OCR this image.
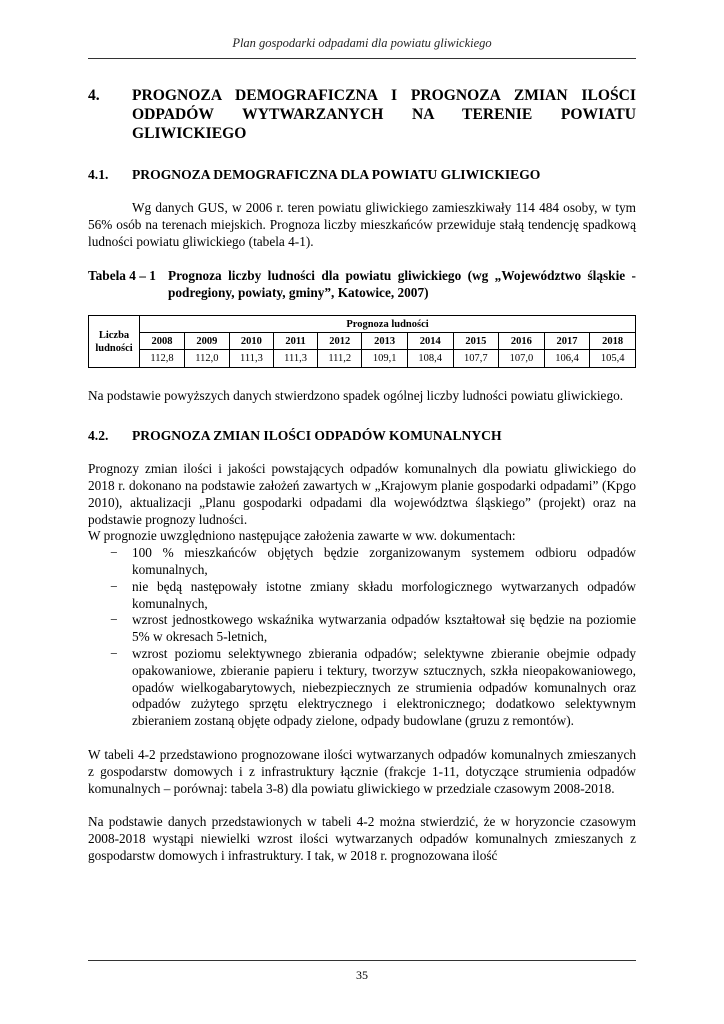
Plan gospodarki odpadami dla powiatu gliwickiego
4.	PROGNOZA DEMOGRAFICZNA I PROGNOZA ZMIAN ILOŚCI ODPADÓW WYTWARZANYCH NA TERENIE POWIATU GLIWICKIEGO
4.1.	PROGNOZA DEMOGRAFICZNA DLA POWIATU GLIWICKIEGO

Wg danych GUS, w 2006 r. teren powiatu gliwickiego zamieszkiwały 114 484 osoby, w tym 56% osób na terenach miejskich. Prognoza liczby mieszkańców przewiduje stałą tendencję spadkową ludności powiatu gliwickiego (tabela 4-1).

Tabela 4 – 1 Prognoza liczby ludności dla powiatu gliwickiego (wg „Województwo śląskie - podregiony, powiaty, gminy”, Katowice, 2007)
Liczba ludności	Prognoza ludności										
	2008	2009	2010	2011	2012	2013	2014	2015	2016	2017	2018
	112,8	112,0	111,3	111,3	111,2	109,1	108,4	107,7	107,0	106,4	105,4

Na podstawie powyższych danych stwierdzono spadek ogólnej liczby ludności powiatu gliwickiego.

4.2.	PROGNOZA ZMIAN ILOŚCI ODPADÓW KOMUNALNYCH

Prognozy zmian ilości i jakości powstających odpadów komunalnych dla powiatu gliwickiego do 2018 r. dokonano na podstawie założeń zawartych w „Krajowym planie gospodarki odpadami” (Kpgo 2010), aktualizacji „Planu gospodarki odpadami dla województwa śląskiego” (projekt) oraz na podstawie prognozy ludności.

W prognozie uwzględniono następujące założenia zawarte w ww. dokumentach:

− 100 % mieszkańców objętych będzie zorganizowanym systemem odbioru odpadów komunalnych,
− nie będą następowały istotne zmiany składu morfologicznego wytwarzanych odpadów komunalnych,
− wzrost jednostkowego wskaźnika wytwarzania odpadów kształtował się będzie na poziomie 5% w okresach 5-letnich,
− wzrost poziomu selektywnego zbierania odpadów; selektywne zbieranie obejmie odpady opakowaniowe, zbieranie papieru i tektury, tworzyw sztucznych, szkła nieopakowaniowego, opadów wielkogabarytowych, niebezpiecznych ze strumienia odpadów komunalnych oraz odpadów zużytego sprzętu elektrycznego i elektronicznego; dodatkowo selektywnym zbieraniem zostaną objęte odpady zielone, odpady budowlane (gruzu z remontów).

W tabeli 4-2 przedstawiono prognozowane ilości wytwarzanych odpadów komunalnych zmieszanych z gospodarstw domowych i z infrastruktury łącznie (frakcje 1-11, dotyczące strumienia odpadów komunalnych – porównaj: tabela 3-8) dla powiatu gliwickiego w przedziale czasowym 2008-2018.

Na podstawie danych przedstawionych w tabeli 4-2 można stwierdzić, że w horyzoncie czasowym 2008-2018 wystąpi niewielki wzrost ilości wytwarzanych odpadów komunalnych zmieszanych z gospodarstw domowych i infrastruktury. I tak, w 2018 r. prognozowana ilość

35
